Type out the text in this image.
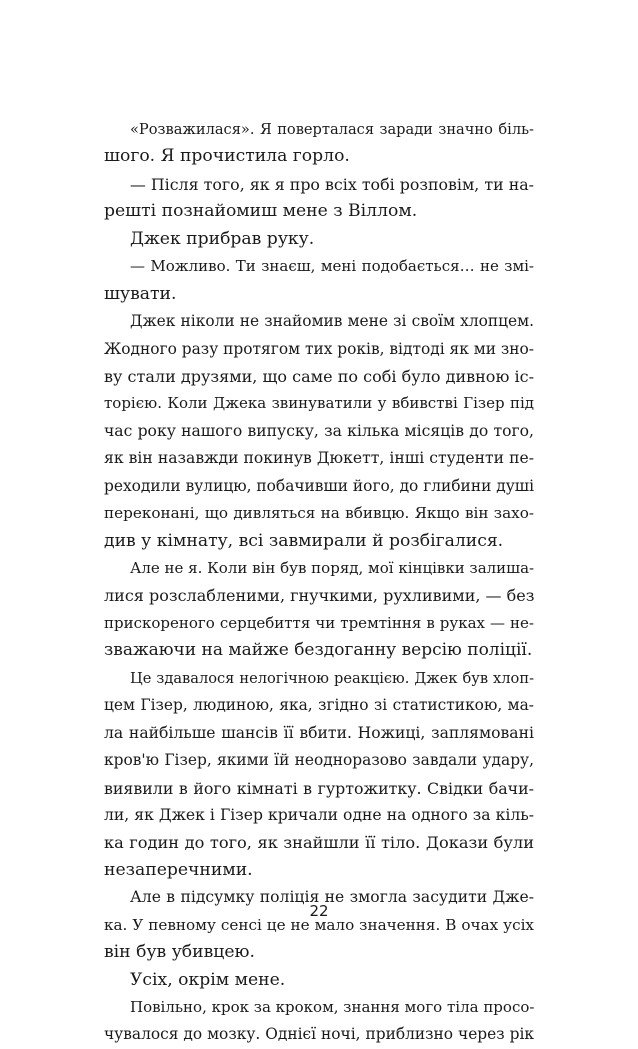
«Розважилася». Я поверталася заради значно біль-
шого. Я прочистила горло.
— Після того, як я про всіх тобі розповім, ти на-
решті познайомиш мене з Віллом.
Джек прибрав руку.
— Можливо. Ти знаєш, мені подобається… не змі-
шувати.
Джек ніколи не знайомив мене зі своїм хлопцем.
Жодного разу протягом тих років, відтоді як ми зно-
ву стали друзями, що саме по собі було дивною іс-
торією. Коли Джека звинуватили у вбивстві Гізер під
час року нашого випуску, за кілька місяців до того,
як він назавжди покинув Дюкетт, інші студенти пе-
реходили вулицю, побачивши його, до глибини душі
переконані, що дивляться на вбивцю. Якщо він захо-
див у кімнату, всі завмирали й розбігалися.
Але не я. Коли він був поряд, мої кінцівки залиша-
лися розслабленими, гнучкими, рухливими, — без
прискореного серцебиття чи тремтіння в руках — не-
зважаючи на майже бездоганну версію поліції.
Це здавалося нелогічною реакцією. Джек був хлоп-
цем Гізер, людиною, яка, згідно зі статистикою, ма-
ла найбільше шансів її вбити. Ножиці, заплямовані
кров'ю Гізер, якими їй неодноразово завдали удару,
виявили в його кімнаті в гуртожитку. Свідки бачи-
ли, як Джек і Гізер кричали одне на одного за кіль-
ка годин до того, як знайшли її тіло. Докази були
незаперечними.
Але в підсумку поліція не змогла засудити Дже-
ка. У певному сенсі це не мало значення. В очах усіх
він був убивцею.
Усіх, окрім мене.
Повільно, крок за кроком, знання мого тіла просо-
чувалося до мозку. Однієї ночі, приблизно через рік
22
